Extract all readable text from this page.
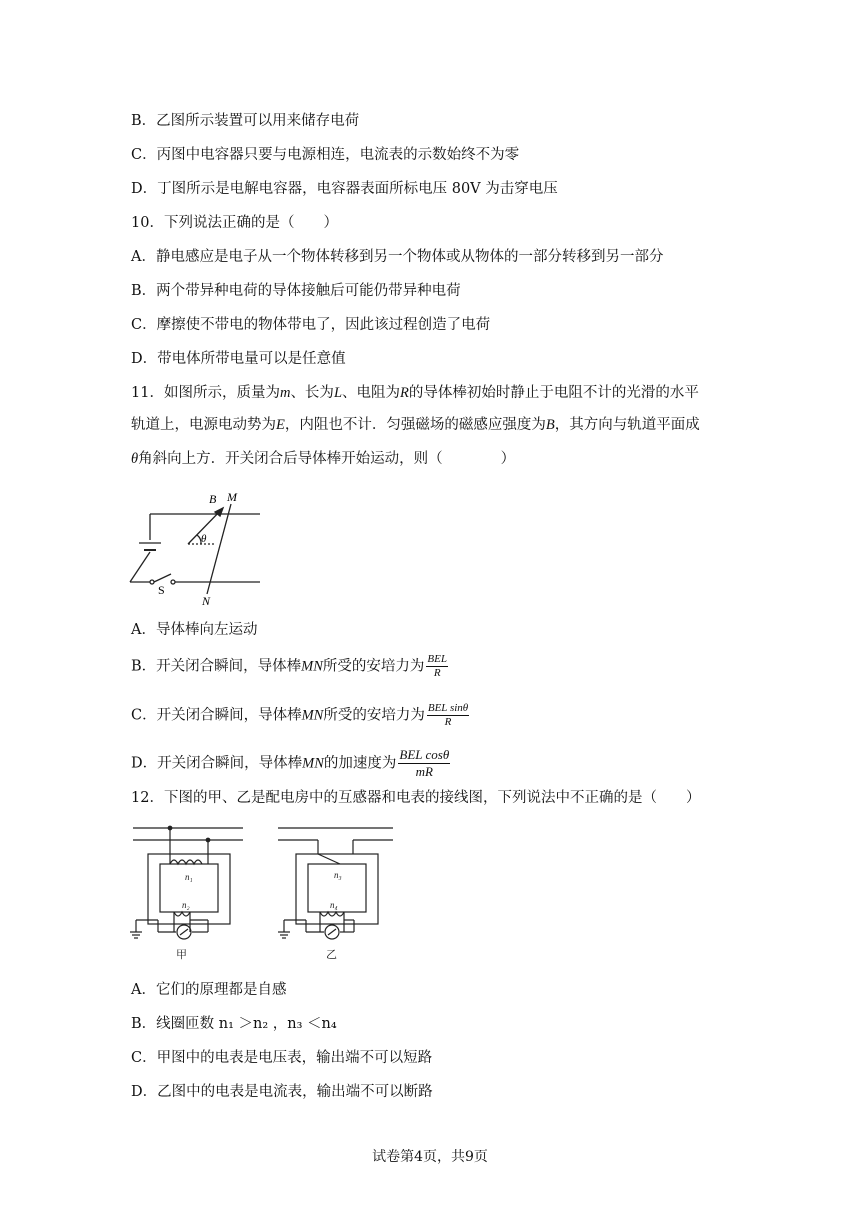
B．乙图所示装置可以用来储存电荷
C．丙图中电容器只要与电源相连，电流表的示数始终不为零
D．丁图所示是电解电容器，电容器表面所标电压 80V 为击穿电压
10．下列说法正确的是（　　）
A．静电感应是电子从一个物体转移到另一个物体或从物体的一部分转移到另一部分
B．两个带异种电荷的导体接触后可能仍带异种电荷
C．摩擦使不带电的物体带电了，因此该过程创造了电荷
D．带电体所带电量可以是任意值
11．如图所示，质量为m、长为L、电阻为R的导体棒初始时静止于电阻不计的光滑的水平
轨道上，电源电动势为E，内阻也不计．匀强磁场的磁感应强度为B，其方向与轨道平面成
θ角斜向上方．开关闭合后导体棒开始运动，则（　　　　）
B M
θ
S
N
A．导体棒向左运动
B．开关闭合瞬间，导体棒MN所受的安培力为 $\frac{\text{BEL}}{R}$
C．开关闭合瞬间，导体棒MN所受的安培力为 $\frac{\text{BEL sinθ}}{R}$
D．开关闭合瞬间，导体棒MN的加速度为 $\frac{\text{BEL cosθ}}{mR}$
12．下图的甲、乙是配电房中的互感器和电表的接线图，下列说法中不正确的是（　　）
n₁
n₂
n₃
n₄
甲	乙
A．它们的原理都是自感
B．线圈匝数 n₁ ＞n₂ ，n₃ ＜n₄
C．甲图中的电表是电压表，输出端不可以短路
D．乙图中的电表是电流表，输出端不可以断路
试卷第4页，共9页
